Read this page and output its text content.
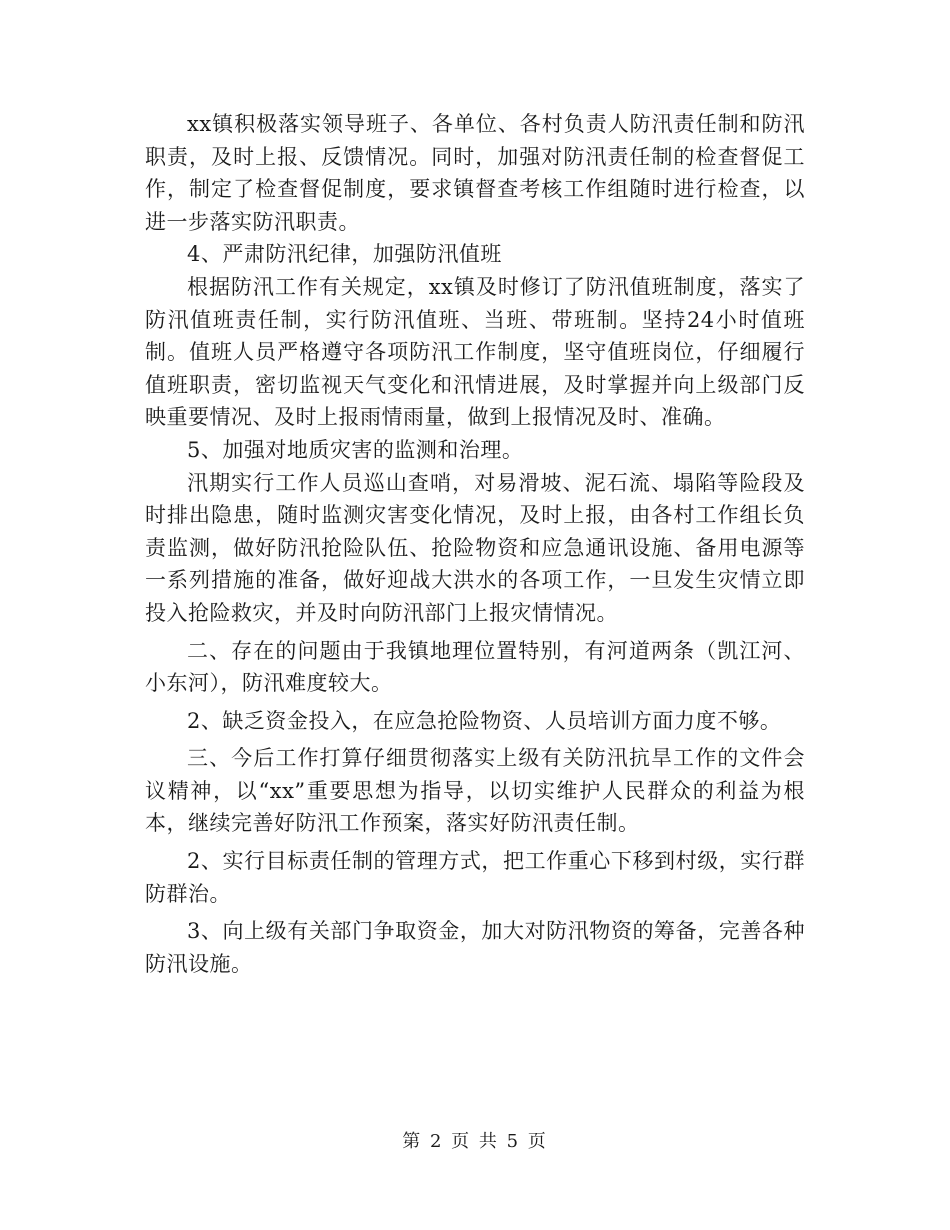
xx镇积极落实领导班子、各单位、各村负责人防汛责任制和防汛职责，及时上报、反馈情况。同时，加强对防汛责任制的检查督促工作，制定了检查督促制度，要求镇督查考核工作组随时进行检查，以进一步落实防汛职责。

4、严肃防汛纪律，加强防汛值班

根据防汛工作有关规定，xx镇及时修订了防汛值班制度，落实了防汛值班责任制，实行防汛值班、当班、带班制。坚持24小时值班制。值班人员严格遵守各项防汛工作制度，坚守值班岗位，仔细履行值班职责，密切监视天气变化和汛情进展，及时掌握并向上级部门反映重要情况、及时上报雨情雨量，做到上报情况及时、准确。

5、加强对地质灾害的监测和治理。

汛期实行工作人员巡山查哨，对易滑坡、泥石流、塌陷等险段及时排出隐患，随时监测灾害变化情况，及时上报，由各村工作组长负责监测，做好防汛抢险队伍、抢险物资和应急通讯设施、备用电源等一系列措施的准备，做好迎战大洪水的各项工作，一旦发生灾情立即投入抢险救灾，并及时向防汛部门上报灾情情况。

二、存在的问题由于我镇地理位置特别，有河道两条（凯江河、小东河），防汛难度较大。

2、缺乏资金投入，在应急抢险物资、人员培训方面力度不够。

三、今后工作打算仔细贯彻落实上级有关防汛抗旱工作的文件会议精神，以“xx”重要思想为指导，以切实维护人民群众的利益为根本，继续完善好防汛工作预案，落实好防汛责任制。

2、实行目标责任制的管理方式，把工作重心下移到村级，实行群防群治。

3、向上级有关部门争取资金，加大对防汛物资的筹备，完善各种防汛设施。

第 2 页 共 5 页
